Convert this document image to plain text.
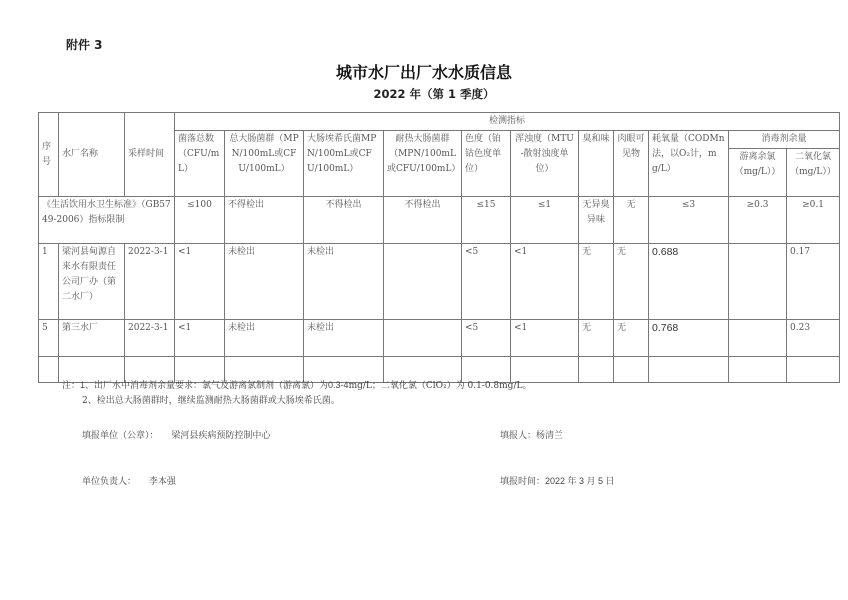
附件 3
城市水厂出厂水水质信息
2022 年（第 1 季度）
序号	水厂名称	采样时间	检测指标										
			菌落总数（CFU/mL）	总大肠菌群（MPN/100mL或CFU/100mL）	大肠埃希氏菌MPN/100mL或CFU/100mL）	耐热大肠菌群（MPN/100mL或CFU/100mL）	色度（铂钴色度单位）	浑浊度（MTU-散射浊度单位）	臭和味	肉眼可见物	耗氧量（CODMn法，以O₂计，mg/L）	消毒剂余量	
												游离余氯（mg/L））	二氧化氯（mg/L））
《生活饮用水卫生标准》（GB5749-2006）指标限制			≤100	不得检出	不得检出	不得检出	≤15	≤1	无异臭异味	无	≤3	≥0.3	≥0.1
1	梁河县甸源自来水有限责任公司厂办（第二水厂）	2022-3-1	<1	未检出	未检出		<5	<1	无	无	0.688		0.17
5	第三水厂	2022-3-1	<1	未检出	未检出		<5	<1	无	无	0.768		0.23

注：1、出厂水中消毒剂余量要求：氯气及游离氯制剂（游离氯）为0.3-4mg/L；二氧化氯（ClO₂）为 0.1-0.8mg/L。
2、检出总大肠菌群时，继续监测耐热大肠菌群或大肠埃希氏菌。
填报单位（公章）： 梁河县疾病预防控制中心	填报人：杨清兰
单位负责人： 李本强	填报时间：2022 年 3 月 5 日
